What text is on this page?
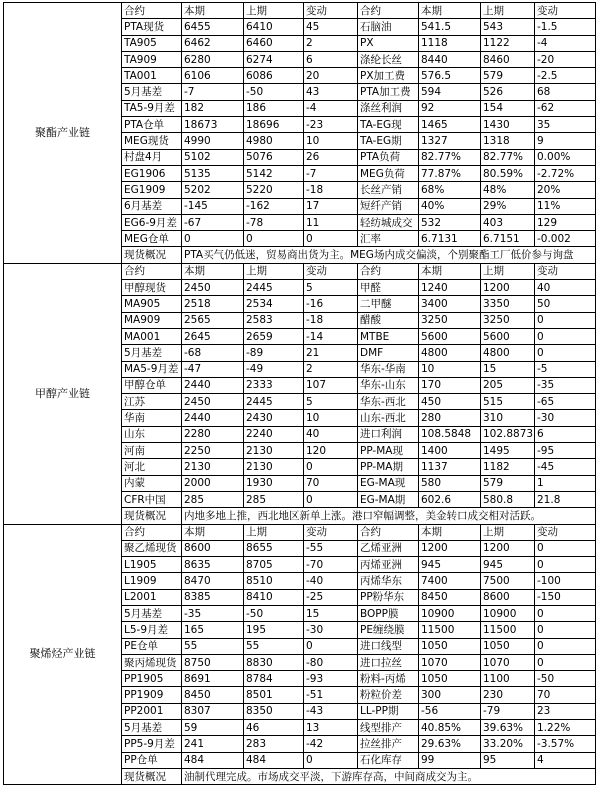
聚酯产业链	合约	本期	上期	变动	合约	本期	上期	变动
	PTA现货	6455	6410	45	石脑油	541.5	543	-1.5
	TA905	6462	6460	2	PX	1118	1122	-4
	TA909	6280	6274	6	涤纶长丝	8440	8460	-20
	TA001	6106	6086	20	PX加工费	576.5	579	-2.5
	5月基差	-7	-50	43	PTA加工费	594	526	68
	TA5-9月差	182	186	-4	涤丝利润	92	154	-62
	PTA仓单	18673	18696	-23	TA-EG现	1465	1430	35
	MEG现货	4990	4980	10	TA-EG期	1327	1318	9
	村盘4月	5102	5076	26	PTA负荷	82.77%	82.77%	0.00%
	EG1906	5135	5142	-7	MEG负荷	77.87%	80.59%	-2.72%
	EG1909	5202	5220	-18	长丝产销	68%	48%	20%
	6月基差	-145	-162	17	短纤产销	40%	29%	11%
	EG6-9月差	-67	-78	11	轻纺城成交	532	403	129
	MEG仓单	0	0	0	汇率	6.7131	6.7151	-0.002
	现货概况	PTA买气仍低迷，贸易商出货为主。MEG场内成交偏淡，个别聚酯工厂低价参与询盘						
甲醇产业链	合约	本期	上期	变动	合约	本期	上期	变动
	甲醇现货	2450	2445	5	甲醛	1240	1200	40
	MA905	2518	2534	-16	二甲醚	3400	3350	50
	MA909	2565	2583	-18	醋酸	3250	3250	0
	MA001	2645	2659	-14	MTBE	5600	5600	0
	5月基差	-68	-89	21	DMF	4800	4800	0
	MA5-9月差	-47	-49	2	华东-华南	10	15	-5
	甲醇仓单	2440	2333	107	华东-山东	170	205	-35
	江苏	2450	2445	5	华东-西北	450	515	-65
	华南	2440	2430	10	山东-西北	280	310	-30
	山东	2280	2240	40	进口利润	108.5848	102.8873	6
	河南	2250	2130	120	PP-MA现	1400	1495	-95
	河北	2130	2130	0	PP-MA期	1137	1182	-45
	内蒙	2000	1930	70	EG-MA现	580	579	1
	CFR中国	285	285	0	EG-MA期	602.6	580.8	21.8
	现货概况	内地多地上推，西北地区新单上涨。港口窄幅调整，美金转口成交相对活跃。						
聚烯烃产业链	合约	本期	上期	变动	合约	本期	上期	变动
	聚乙烯现货	8600	8655	-55	乙烯亚洲	1200	1200	0
	L1905	8635	8705	-70	丙烯亚洲	945	945	0
	L1909	8470	8510	-40	丙烯华东	7400	7500	-100
	L2001	8385	8410	-25	PP粉华东	8450	8600	-150
	5月基差	-35	-50	15	BOPP膜	10900	10900	0
	L5-9月差	165	195	-30	PE缠绕膜	11500	11500	0
	PE仓单	55	55	0	进口线型	1050	1050	0
	聚丙烯现货	8750	8830	-80	进口拉丝	1070	1070	0
	PP1905	8691	8784	-93	粉料-丙烯	1050	1100	-50
	PP1909	8450	8501	-51	粉粒价差	300	230	70
	PP2001	8307	8350	-43	LL-PP期	-56	-79	23
	5月基差	59	46	13	线型排产	40.85%	39.63%	1.22%
	PP5-9月差	241	283	-42	拉丝排产	29.63%	33.20%	-3.57%
	PP仓单	484	484	0	石化库存	99	95	4
	现货概况	油制代理完成。市场成交平淡，下游库存高，中间商成交为主。						
